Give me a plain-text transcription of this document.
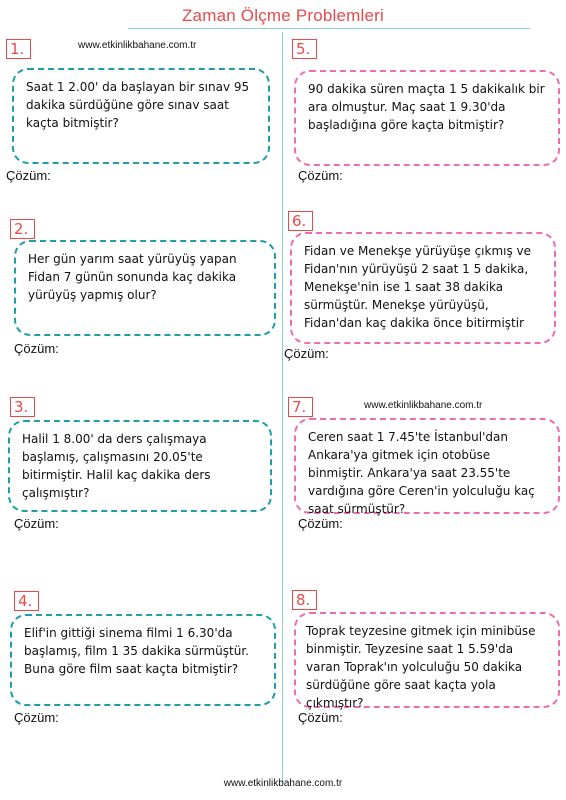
Zaman Ölçme Problemleri
www.etkinlikbahane.com.tr
1.
Saat 1 2.00' da başlayan bir sınav 95 dakika sürdüğüne göre sınav saat kaçta bitmiştir?
Çözüm:
2.
Her gün yarım saat yürüyüş yapan Fidan 7 günün sonunda kaç dakika yürüyüş yapmış olur?
Çözüm:
3.
Halil 1 8.00' da ders çalışmaya başlamış, çalışmasını 20.05'te bitirmiştir. Halil kaç dakika ders çalışmıştır?
Çözüm:
4.
Elif'in gittiği sinema filmi 1 6.30'da başlamış, film 1 35 dakika sürmüştür. Buna göre film saat kaçta bitmiştir?
Çözüm:
5.
90 dakika süren maçta 1 5 dakikalık bir ara olmuştur. Maç saat 1 9.30'da başladığına göre kaçta bitmiştir?
Çözüm:
6.
Fidan ve Menekşe yürüyüşe çıkmış ve Fidan'nın yürüyüşü 2 saat 1 5 dakika, Menekşe'nin ise 1 saat 38 dakika sürmüştür. Menekşe yürüyüşü, Fidan'dan kaç dakika önce bitirmiştir
Çözüm:
7.	www.etkinlikbahane.com.tr
Ceren saat 1 7.45'te İstanbul'dan Ankara'ya gitmek için otobüse binmiştir. Ankara'ya saat 23.55'te vardığına göre Ceren'in yolculuğu kaç saat sürmüştür?
Çözüm:
8.
Toprak teyzesine gitmek için minibüse binmiştir. Teyzesine saat 1 5.59'da varan Toprak'ın yolculuğu 50 dakika sürdüğüne göre saat kaçta yola çıkmıştır?
Çözüm:
www.etkinlikbahane.com.tr
